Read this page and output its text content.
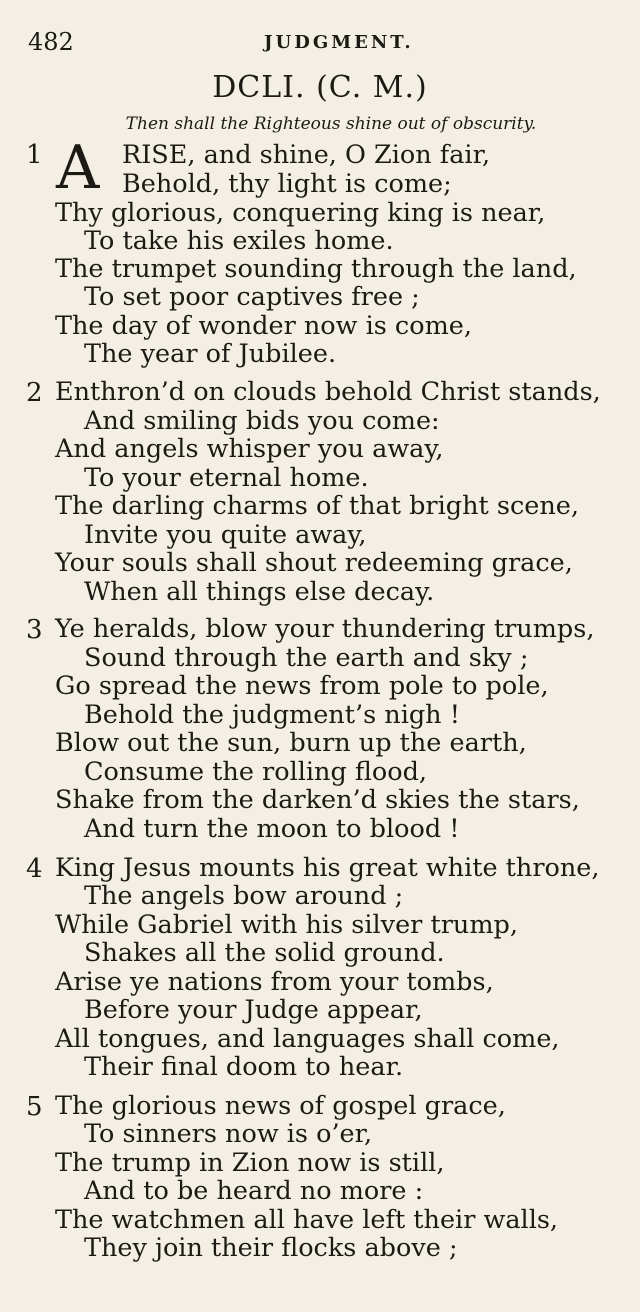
482	JUDGMENT.
DCLI. (C. M.)
Then shall the Righteous shine out of obscurity.
1 A RISE, and shine, O Zion fair,
Behold, thy light is come;
Thy glorious, conquering king is near,
To take his exiles home.
The trumpet sounding through the land,
To set poor captives free ;
The day of wonder now is come,
The year of Jubilee.
2 Enthron’d on clouds behold Christ stands,
And smiling bids you come:
And angels whisper you away,
To your eternal home.
The darling charms of that bright scene,
Invite you quite away,
Your souls shall shout redeeming grace,
When all things else decay.
3 Ye heralds, blow your thundering trumps,
Sound through the earth and sky ;
Go spread the news from pole to pole,
Behold the judgment’s nigh !
Blow out the sun, burn up the earth,
Consume the rolling flood,
Shake from the darken’d skies the stars,
And turn the moon to blood !
4 King Jesus mounts his great white throne,
The angels bow around ;
While Gabriel with his silver trump,
Shakes all the solid ground.
Arise ye nations from your tombs,
Before your Judge appear,
All tongues, and languages shall come,
Their final doom to hear.
5 The glorious news of gospel grace,
To sinners now is o’er,
The trump in Zion now is still,
And to be heard no more :
The watchmen all have left their walls,
They join their flocks above ;
